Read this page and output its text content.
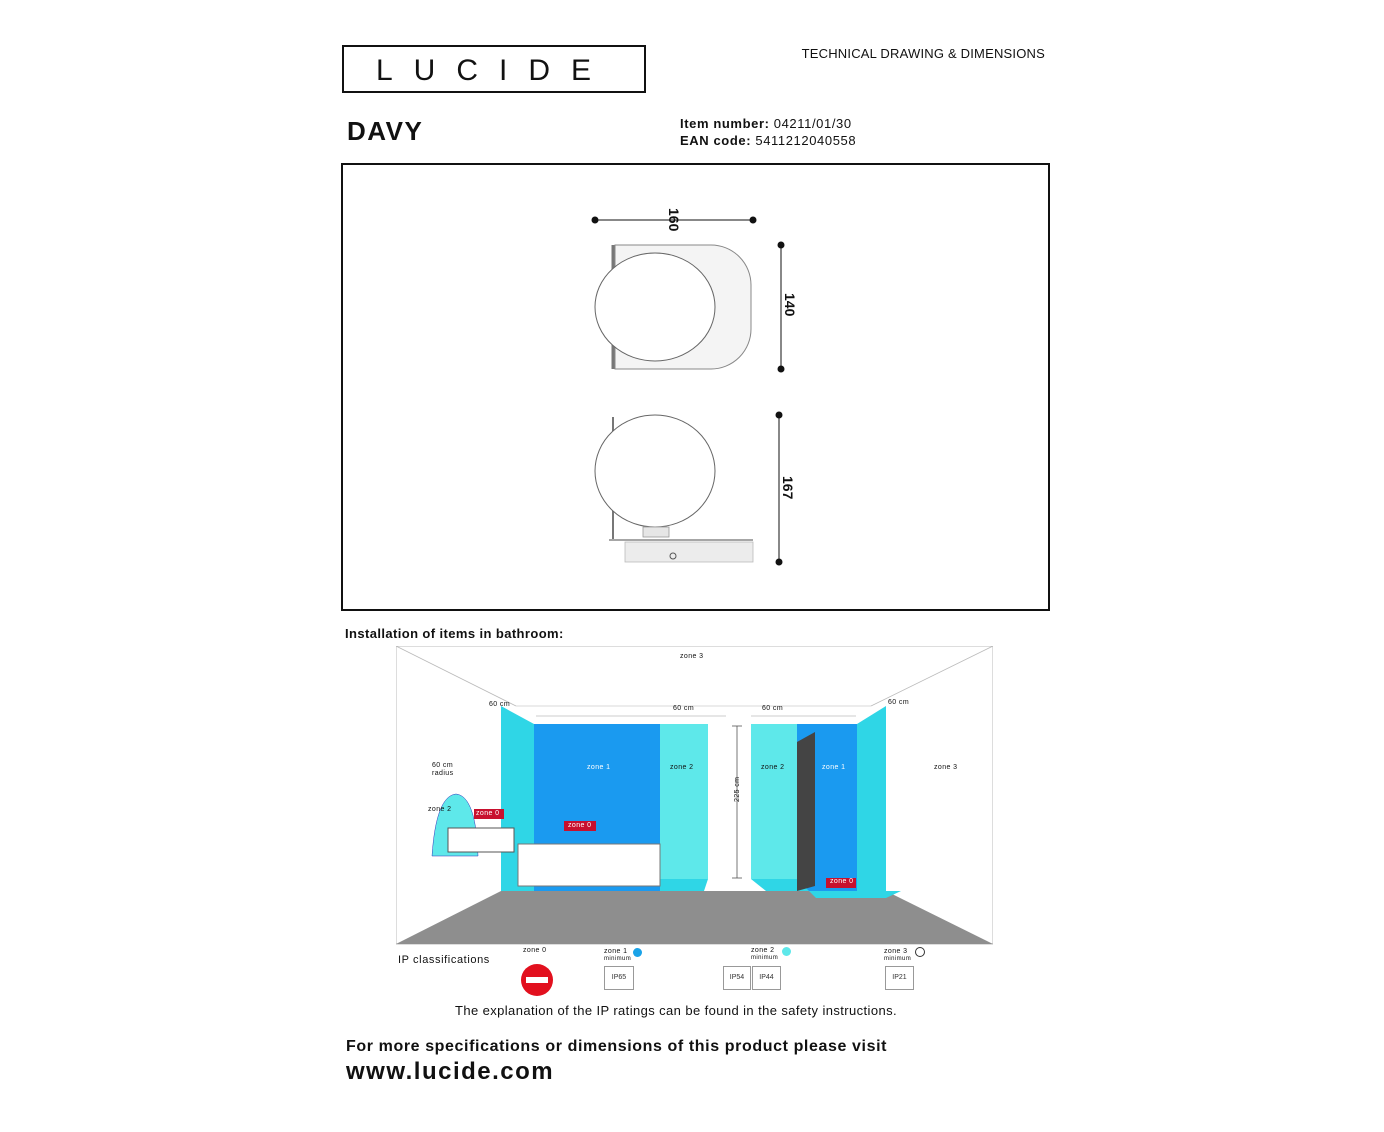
LUCIDE
TECHNICAL DRAWING & DIMENSIONS
DAVY	Item number: 04211/01/30
EAN code: 5411212040558
160
140
167
Installation of items in bathroom:
zone 3
60 cm
60 cm	60 cm
60 cm
60 cm
radius
zone 2
zone 0
zone 1
zone 0
zone 2
225 cm
zone 2	zone 1
zone 0
zone 3
IP classifications
zone 0	zone 1
minimum
IP65
zone 2
minimum
IP54	IP44
zone 3
minimum
IP21
The explanation of the IP ratings can be found in the safety instructions.
For more specifications or dimensions of this product please visit
www.lucide.com
